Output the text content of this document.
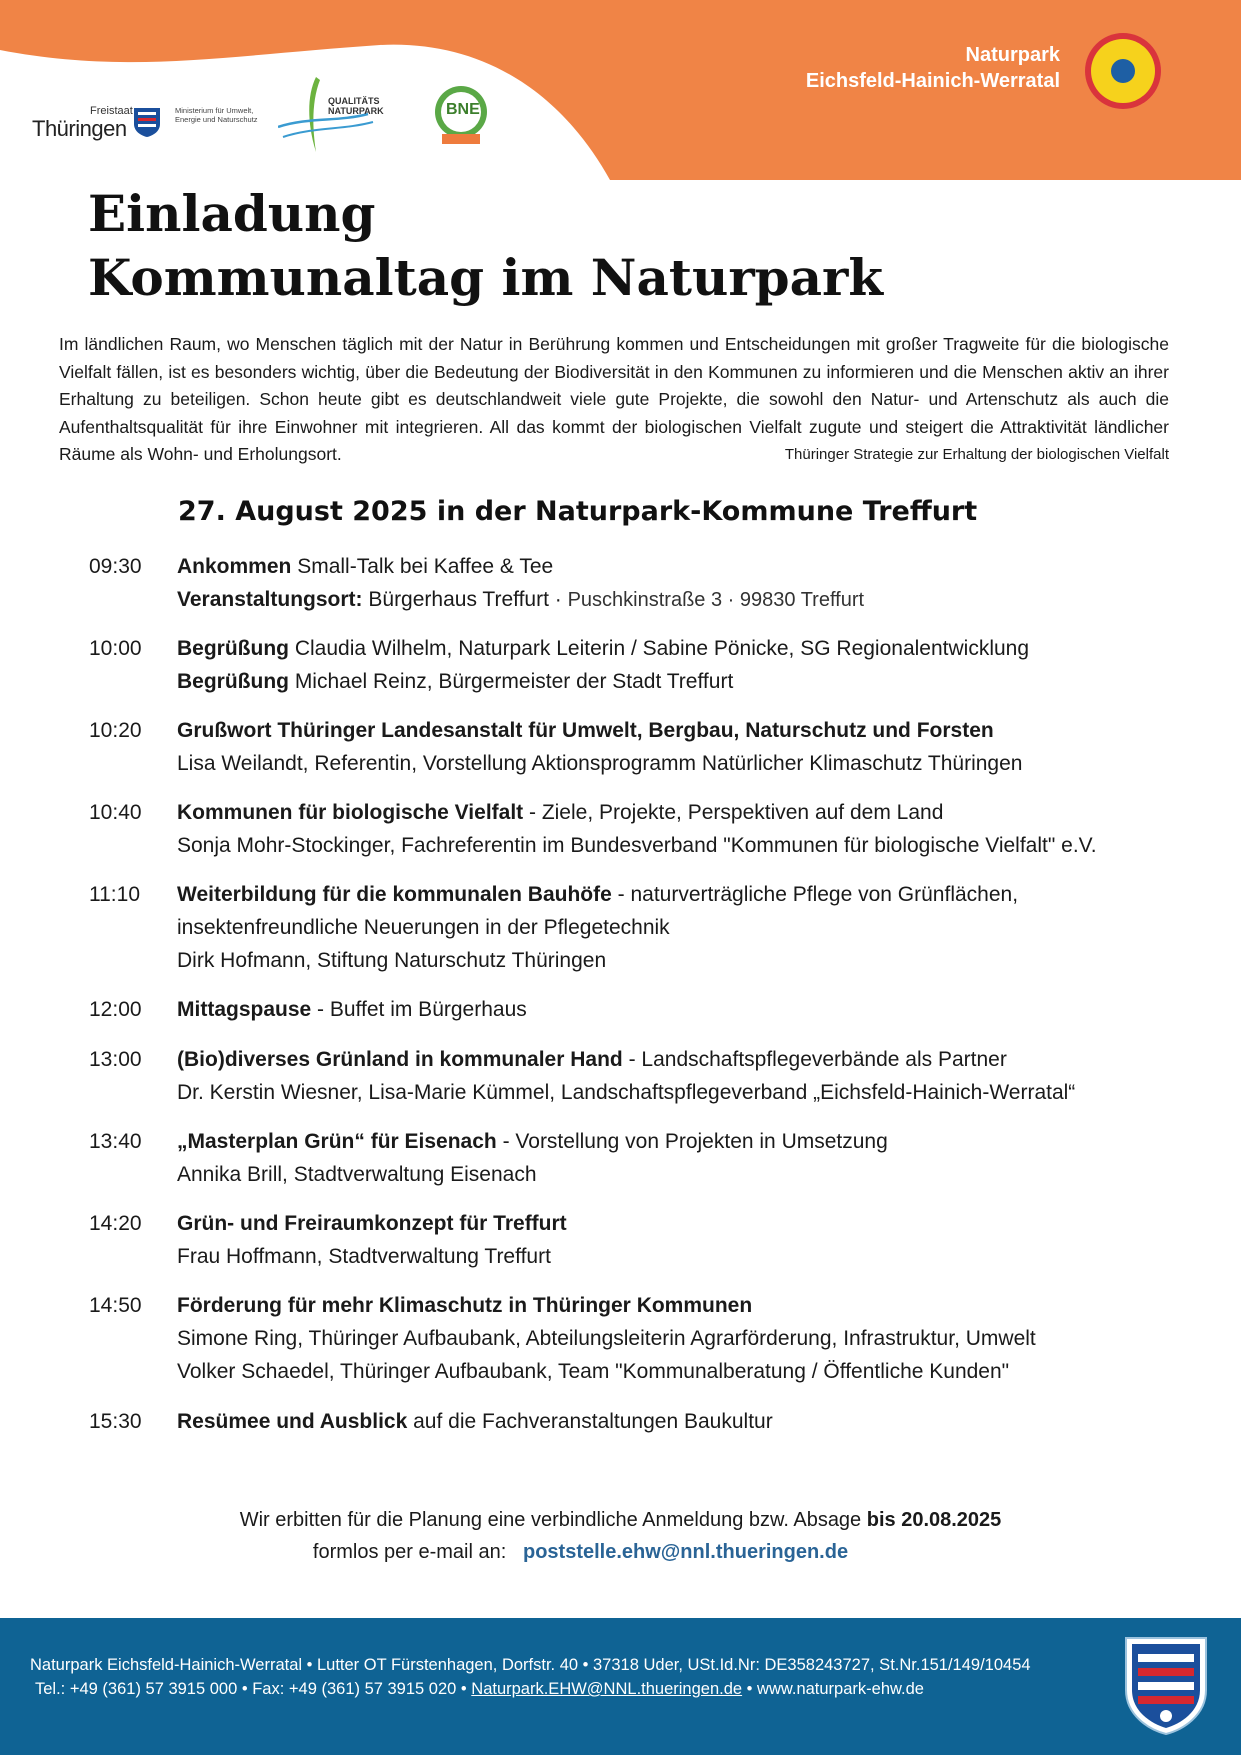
Freistaat
Thüringen
Ministerium für Umwelt, Energie und Naturschutz
QUALITÄTS NATURPARK	BNE
Naturpark
Eichsfeld-Hainich-Werratal
Einladung
Kommunaltag im Naturpark
Im ländlichen Raum, wo Menschen täglich mit der Natur in Berührung kommen und Entscheidungen mit großer Tragweite für die biologische Vielfalt fällen, ist es besonders wichtig, über die Bedeutung der Biodiversität in den Kommunen zu informieren und die Menschen aktiv an ihrer Erhaltung zu beteiligen. Schon heute gibt es deutschlandweit viele gute Projekte, die sowohl den Natur- und Artenschutz als auch die Aufenthaltsqualität für ihre Einwohner mit integrieren. All das kommt der biologischen Vielfalt zugute und steigert die Attraktivität ländlicher Räume als Wohn- und Erholungsort.	Thüringer Strategie zur Erhaltung der biologischen Vielfalt
27. August 2025 in der Naturpark-Kommune Treffurt
09:30	Ankommen Small-Talk bei Kaffee & Tee
Veranstaltungsort: Bürgerhaus Treffurt · Puschkinstraße 3 · 99830 Treffurt
10:00	Begrüßung Claudia Wilhelm, Naturpark Leiterin / Sabine Pönicke, SG Regionalentwicklung
Begrüßung Michael Reinz, Bürgermeister der Stadt Treffurt
10:20	Grußwort Thüringer Landesanstalt für Umwelt, Bergbau, Naturschutz und Forsten
Lisa Weilandt, Referentin, Vorstellung Aktionsprogramm Natürlicher Klimaschutz Thüringen
10:40	Kommunen für biologische Vielfalt - Ziele, Projekte, Perspektiven auf dem Land
Sonja Mohr-Stockinger, Fachreferentin im Bundesverband "Kommunen für biologische Vielfalt" e.V.
11:10	Weiterbildung für die kommunalen Bauhöfe - naturverträgliche Pflege von Grünflächen,
insektenfreundliche Neuerungen in der Pflegetechnik
Dirk Hofmann, Stiftung Naturschutz Thüringen
12:00	Mittagspause - Buffet im Bürgerhaus
13:00	(Bio)diverses Grünland in kommunaler Hand - Landschaftspflegeverbände als Partner
Dr. Kerstin Wiesner, Lisa-Marie Kümmel, Landschaftspflegeverband „Eichsfeld-Hainich-Werratal“
13:40	„Masterplan Grün“ für Eisenach - Vorstellung von Projekten in Umsetzung
Annika Brill, Stadtverwaltung Eisenach
14:20	Grün- und Freiraumkonzept für Treffurt
Frau Hoffmann, Stadtverwaltung Treffurt
14:50	Förderung für mehr Klimaschutz in Thüringer Kommunen
Simone Ring, Thüringer Aufbaubank, Abteilungsleiterin Agrarförderung, Infrastruktur, Umwelt
Volker Schaedel, Thüringer Aufbaubank, Team "Kommunalberatung / Öffentliche Kunden"
15:30	Resümee und Ausblick auf die Fachveranstaltungen Baukultur
Wir erbitten für die Planung eine verbindliche Anmeldung bzw. Absage bis 20.08.2025
formlos per e-mail an: poststelle.ehw@nnl.thueringen.de
Naturpark Eichsfeld-Hainich-Werratal • Lutter OT Fürstenhagen, Dorfstr. 40 • 37318 Uder, USt.Id.Nr: DE358243727, St.Nr.151/149/10454
Tel.: +49 (361) 57 3915 000 • Fax: +49 (361) 57 3915 020 • Naturpark.EHW@NNL.thueringen.de • www.naturpark-ehw.de
